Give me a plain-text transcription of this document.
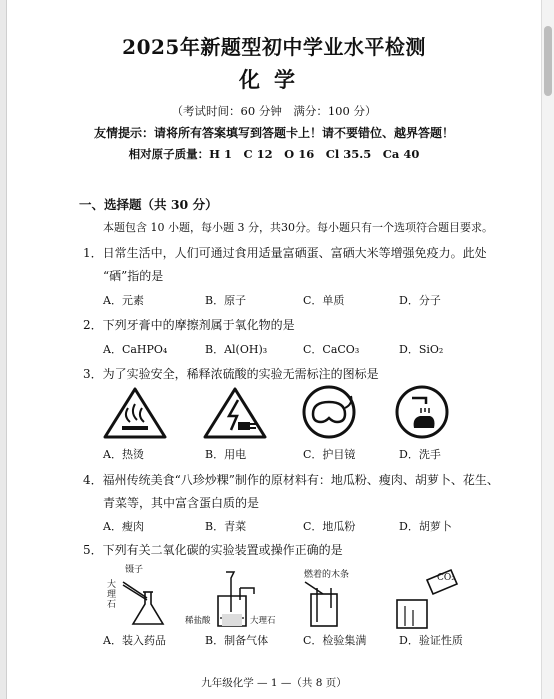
2025年新题型初中学业水平检测
化学
（考试时间：60 分钟　满分：100 分）
友情提示：请将所有答案填写到答题卡上！请不要错位、越界答题！
相对原子质量：H 1　C 12　O 16　Cl 35.5　Ca 40
一、选择题（共 30 分）
本题包含 10 小题，每小题 3 分，共30分。每小题只有一个选项符合题目要求。
1．日常生活中，人们可通过食用适量富硒蛋、富硒大米等增强免疫力。此处
“硒”指的是
A．元素	B．原子	C．单质	D．分子
2．下列牙膏中的摩擦剂属于氧化物的是
A．CaHPO₄	B．Al(OH)₃	C．CaCO₃	D．SiO₂
3．为了实验安全，稀释浓硫酸的实验无需标注的图标是
A．热烫	B．用电	C．护目镜	D．洗手
4．福州传统美食“八珍炒粿”制作的原材料有：地瓜粉、瘦肉、胡萝卜、花生、
青菜等，其中富含蛋白质的是
A．瘦肉	B．青菜	C．地瓜粉	D．胡萝卜
5．下列有关二氧化碳的实验装置或操作正确的是
镊子
大理石
稀盐酸	大理石
燃着的木条	CO₂
A．装入药品	B．制备气体	C．检验集满	D．验证性质
九年级化学 — 1 —（共 8 页）
